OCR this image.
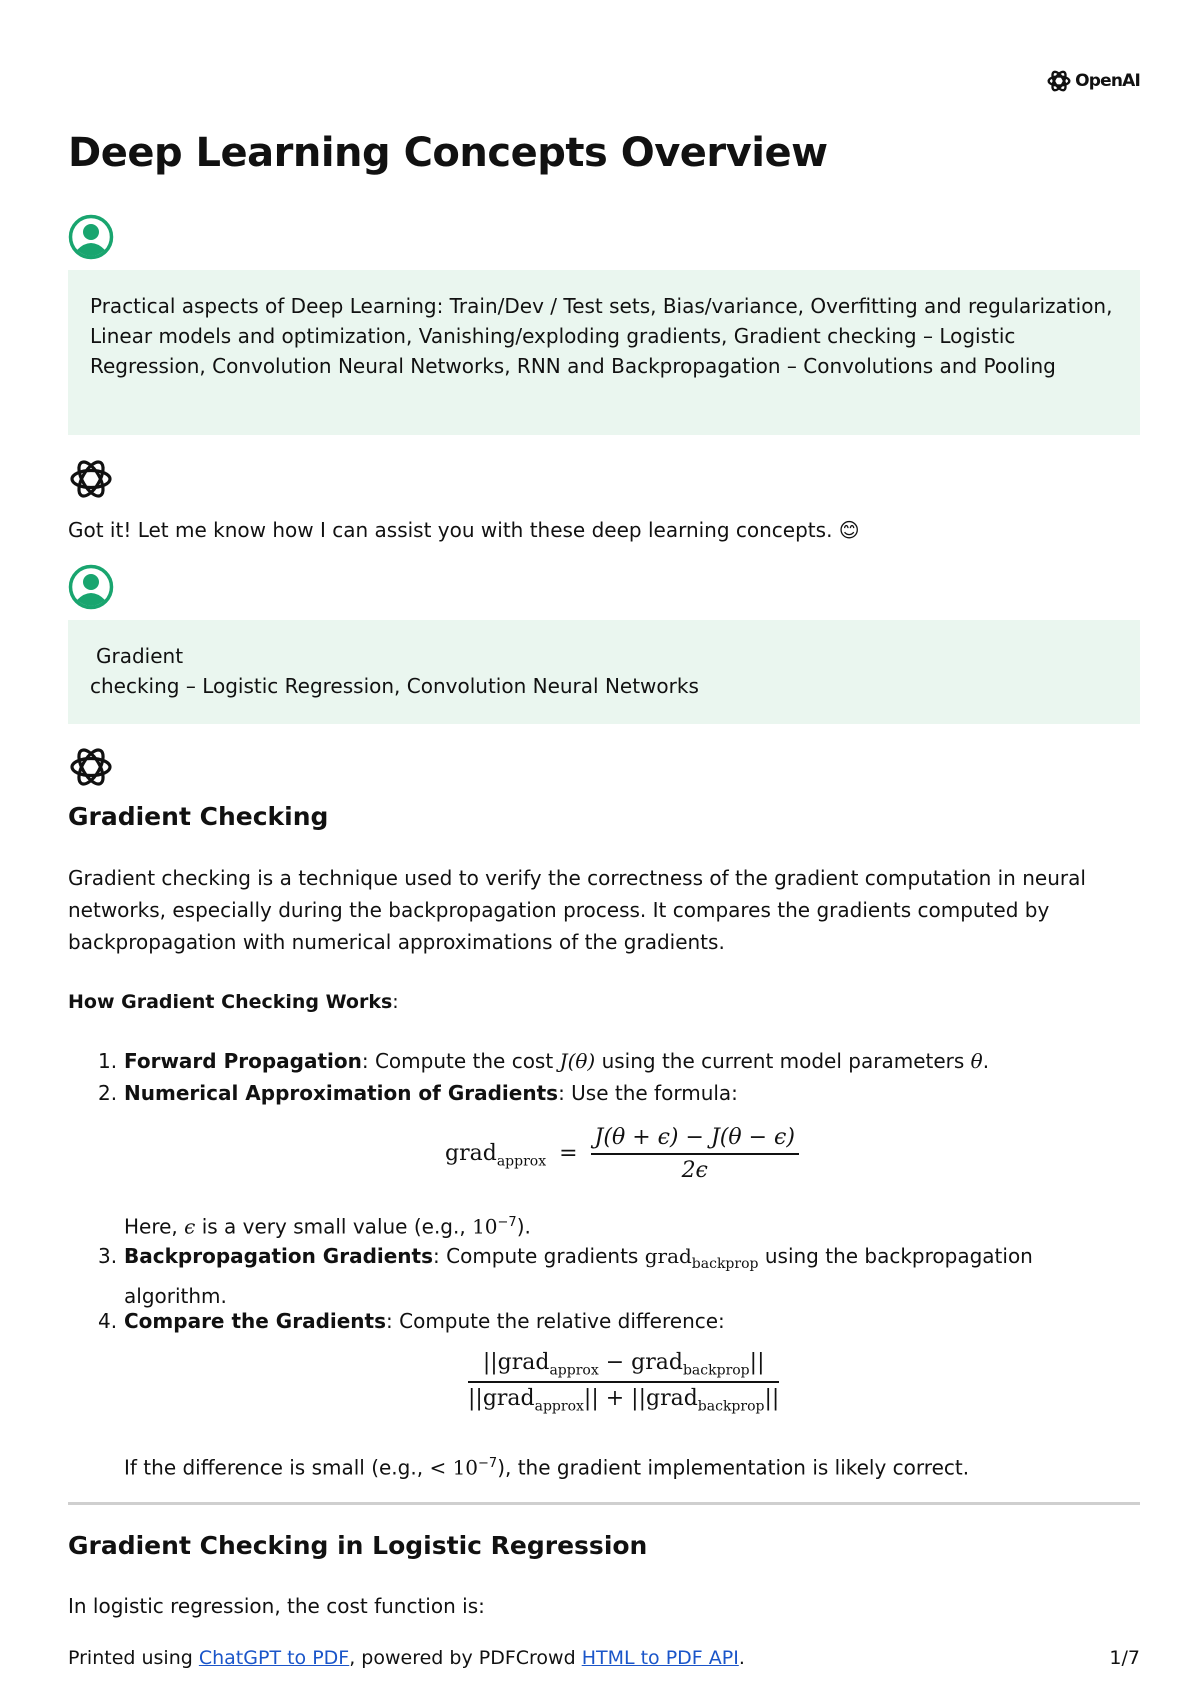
OpenAI
Deep Learning Concepts Overview
Practical aspects of Deep Learning: Train/Dev / Test sets, Bias/variance, Overfitting and regularization, Linear models and optimization, Vanishing/exploding gradients, Gradient checking – Logistic Regression, Convolution Neural Networks, RNN and Backpropagation – Convolutions and Pooling
Got it! Let me know how I can assist you with these deep learning concepts. 😊
Gradient
checking – Logistic Regression, Convolution Neural Networks
Gradient Checking
Gradient checking is a technique used to verify the correctness of the gradient computation in neural networks, especially during the backpropagation process. It compares the gradients computed by backpropagation with numerical approximations of the gradients.
How Gradient Checking Works:
1. Forward Propagation: Compute the cost J(θ) using the current model parameters θ.
2. Numerical Approximation of Gradients: Use the formula:
grad$_{approx}$ = $\frac{J(\theta + \epsilon) - J(\theta - \epsilon)}{2\epsilon}$
Here, ϵ is a very small value (e.g., $10^{-7}$).
3. Backpropagation Gradients: Compute gradients grad$_{backprop}$ using the backpropagation algorithm.
4. Compare the Gradients: Compute the relative difference:
$\frac{||grad_{approx} - grad_{backprop}||}{||grad_{approx}|| + ||grad_{backprop}||}$
If the difference is small (e.g., < $10^{-7}$), the gradient implementation is likely correct.
Gradient Checking in Logistic Regression
In logistic regression, the cost function is:
Printed using ChatGPT to PDF, powered by PDFCrowd HTML to PDF API.	1/7
